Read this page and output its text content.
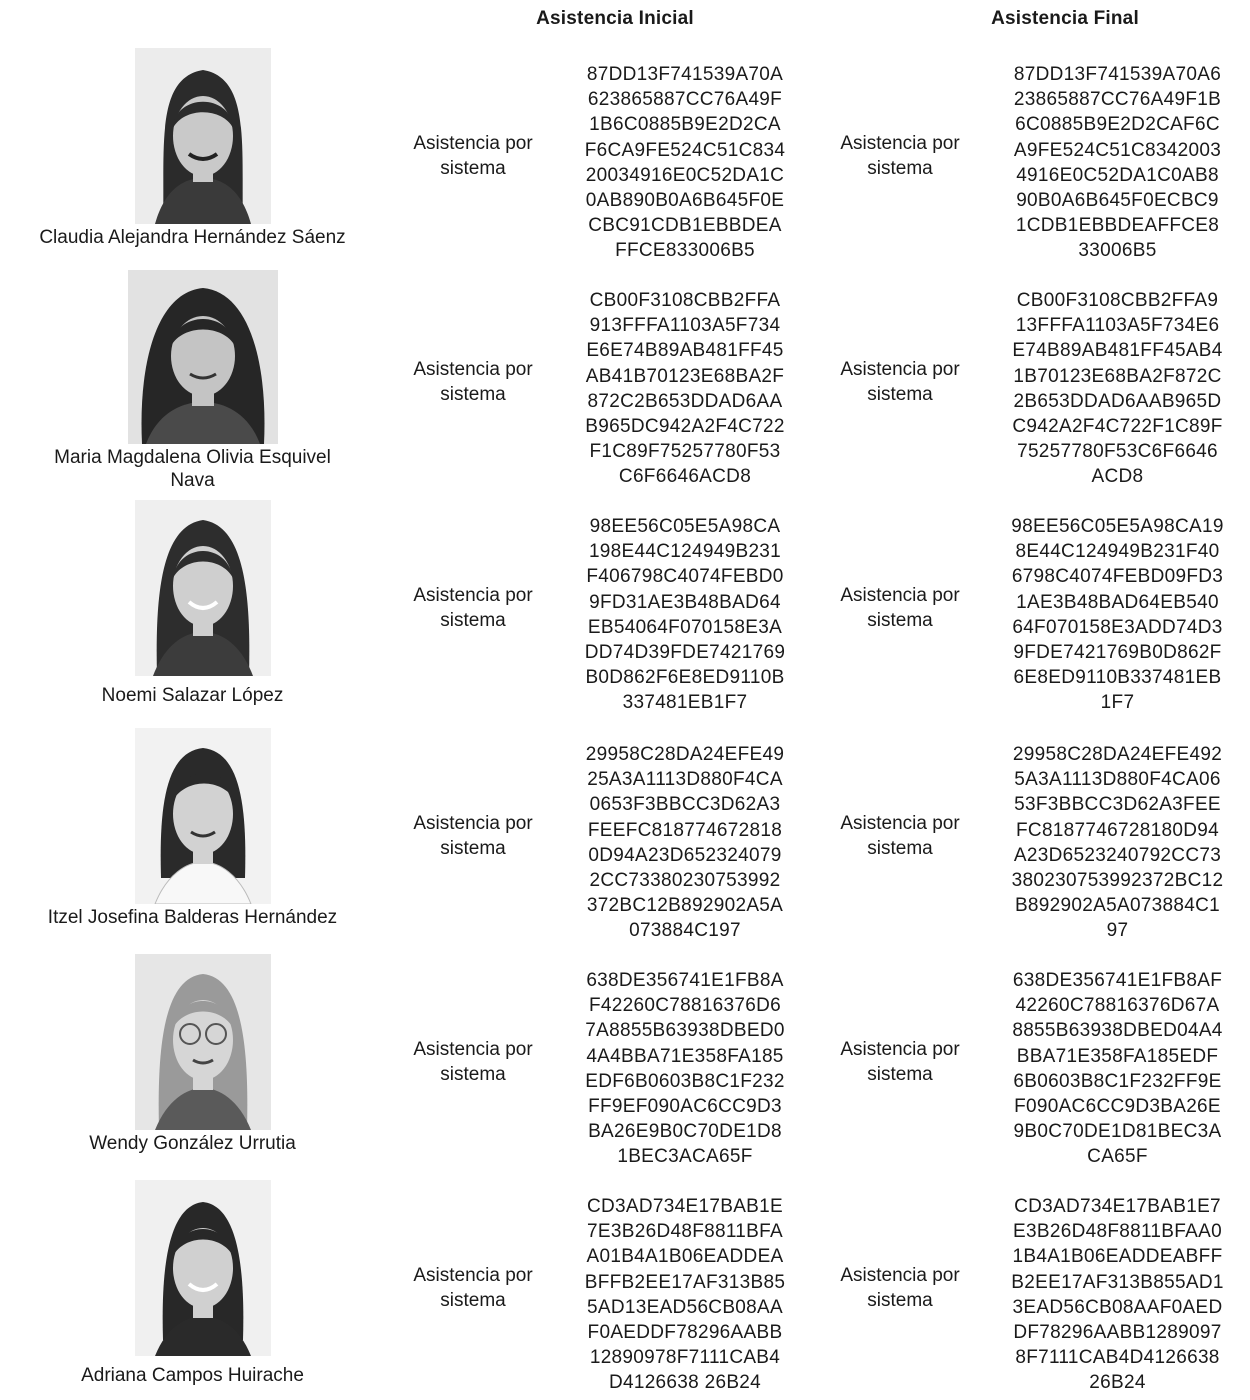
Asistencia Inicial	Asistencia Final
Claudia Alejandra Hernández Sáenz
Asistencia por
sistema
87DD13F741539A70A
623865887CC76A49F
1B6C0885B9E2D2CA
F6CA9FE524C51C834
20034916E0C52DA1C
0AB890B0A6B645F0E
CBC91CDB1EBBDEA
FFCE833006B5
Asistencia por
sistema
87DD13F741539A70A6
23865887CC76A49F1B
6C0885B9E2D2CAF6C
A9FE524C51C8342003
4916E0C52DA1C0AB8
90B0A6B645F0ECBC9
1CDB1EBBDEAFFCE8
33006B5
Maria Magdalena Olivia Esquivel
Nava
Asistencia por
sistema
CB00F3108CBB2FFA
913FFFA1103A5F734
E6E74B89AB481FF45
AB41B70123E68BA2F
872C2B653DDAD6AA
B965DC942A2F4C722
F1C89F75257780F53
C6F6646ACD8
Asistencia por
sistema
CB00F3108CBB2FFA9
13FFFA1103A5F734E6
E74B89AB481FF45AB4
1B70123E68BA2F872C
2B653DDAD6AAB965D
C942A2F4C722F1C89F
75257780F53C6F6646
ACD8
Noemi Salazar López
Asistencia por
sistema
98EE56C05E5A98CA
198E44C124949B231
F406798C4074FEBD0
9FD31AE3B48BAD64
EB54064F070158E3A
DD74D39FDE7421769
B0D862F6E8ED9110B
337481EB1F7
Asistencia por
sistema
98EE56C05E5A98CA19
8E44C124949B231F40
6798C4074FEBD09FD3
1AE3B48BAD64EB540
64F070158E3ADD74D3
9FDE7421769B0D862F
6E8ED9110B337481EB
1F7
Itzel Josefina Balderas Hernández
Asistencia por
sistema
29958C28DA24EFE49
25A3A1113D880F4CA
0653F3BBCC3D62A3
FEEFC818774672818
0D94A23D652324079
2CC73380230753992
372BC12B892902A5A
073884C197
Asistencia por
sistema
29958C28DA24EFE492
5A3A1113D880F4CA06
53F3BBCC3D62A3FEE
FC8187746728180D94
A23D6523240792CC73
380230753992372BC12
B892902A5A073884C1
97
Wendy González Urrutia
Asistencia por
sistema
638DE356741E1FB8A
F42260C78816376D6
7A8855B63938DBED0
4A4BBA71E358FA185
EDF6B0603B8C1F232
FF9EF090AC6CC9D3
BA26E9B0C70DE1D8
1BEC3ACA65F
Asistencia por
sistema
638DE356741E1FB8AF
42260C78816376D67A
8855B63938DBED04A4
BBA71E358FA185EDF
6B0603B8C1F232FF9E
F090AC6CC9D3BA26E
9B0C70DE1D81BEC3A
CA65F
Adriana Campos Huirache
Asistencia por
sistema
CD3AD734E17BAB1E
7E3B26D48F8811BFA
A01B4A1B06EADDEA
BFFB2EE17AF313B85
5AD13EAD56CB08AA
F0AEDDF78296AABB
12890978F7111CAB4
D4126638 26B24
Asistencia por
sistema
CD3AD734E17BAB1E7
E3B26D48F8811BFAA0
1B4A1B06EADDEABFF
B2EE17AF313B855AD1
3EAD56CB08AAF0AED
DF78296AABB1289097
8F7111CAB4D4126638
26B24
